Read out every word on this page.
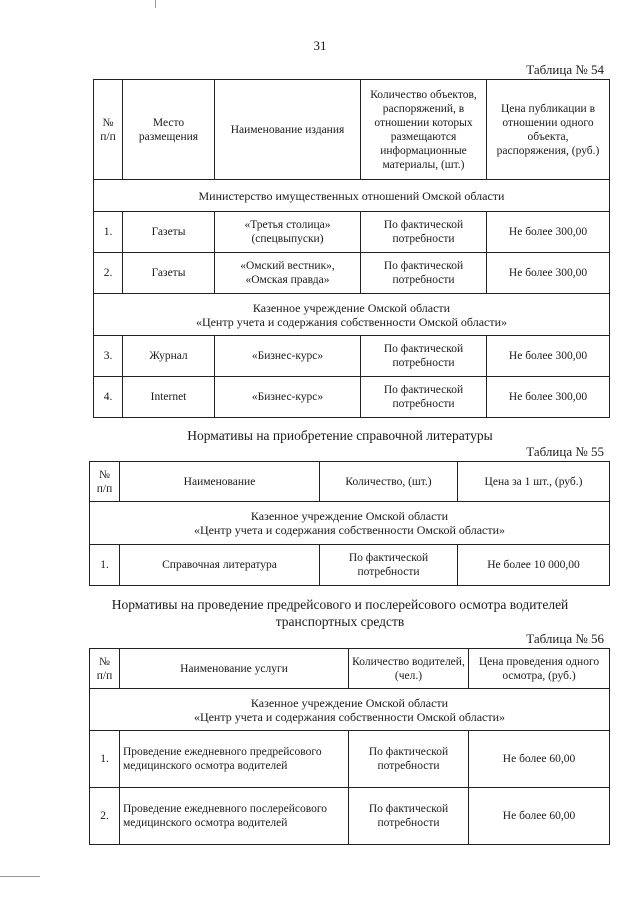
31
Таблица № 54
№ п/п	Место размещения	Наименование издания	Количество объектов, распоряжений, в отношении которых размещаются информационные материалы, (шт.)	Цена публикации в отношении одного объекта, распоряжения, (руб.)
Министерство имущественных отношений Омской области				
1.	Газеты	«Третья столица» (спецвыпуски)	По фактической потребности	Не более 300,00
2.	Газеты	«Омский вестник», «Омская правда»	По фактической потребности	Не более 300,00

Казенное учреждение Омской области
«Центр учета и содержания собственности Омской области»				

3.	Журнал	«Бизнес-курс»	По фактической потребности	Не более 300,00
4.	Internet	«Бизнес-курс»	По фактической потребности	Не более 300,00
Нормативы на приобретение справочной литературы
Таблица № 55
№ п/п	Наименование	Количество, (шт.)	Цена за 1 шт., (руб.)

Казенное учреждение Омской области
«Центр учета и содержания собственности Омской области»			

1.	Справочная литература	По фактической потребности	Не более 10 000,00
Нормативы на проведение предрейсового и послерейсового осмотра водителей
транспортных средств
Таблица № 56
№ п/п	Наименование услуги	Количество водителей, (чел.)	Цена проведения одного осмотра, (руб.)

Казенное учреждение Омской области
«Центр учета и содержания собственности Омской области»			

1.	Проведение ежедневного предрейсового медицинского осмотра водителей	По фактической потребности	Не более 60,00
2.	Проведение ежедневного послерейсового медицинского осмотра водителей	По фактической потребности	Не более 60,00
